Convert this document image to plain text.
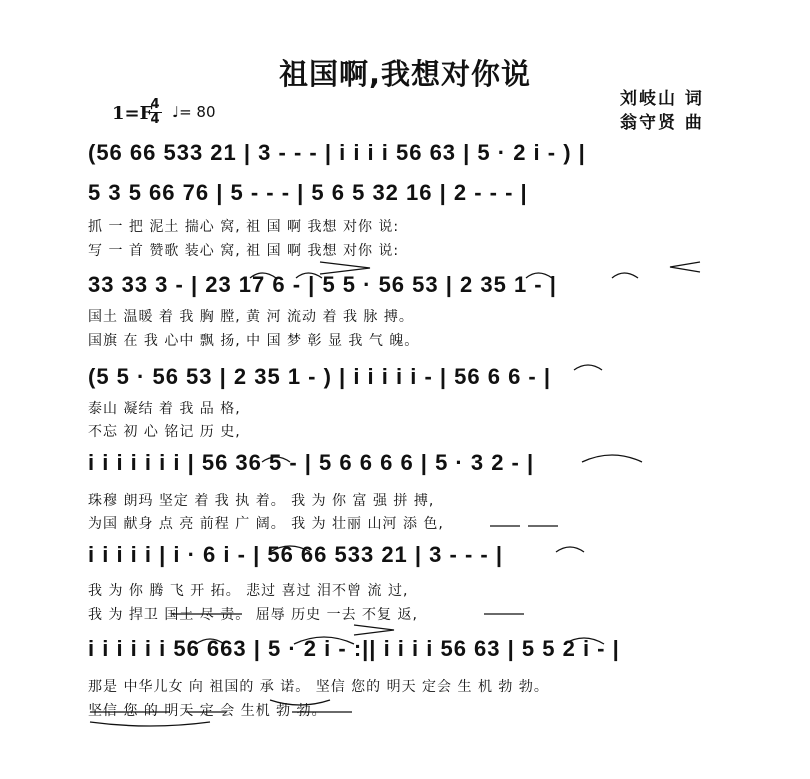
祖国啊,我想对你说
刘岐山 词
翁守贤 曲
1=F
4
4 ♩= 80
(56 66 533 21 | 3 - - - | i i i i 56 63 | 5 · 2 i - ) |
5 3 5 66 76 | 5 - - - | 5 6 5 32 16 | 2 - - - |
抓 一 把 泥土 揣心 窝, 祖 国 啊 我想 对你 说:
写 一 首 赞歌 装心 窝, 祖 国 啊 我想 对你 说:
33 33 3 - | 23 17 6 - | 5 5 · 56 53 | 2 35 1 - |
国土 温暖 着 我 胸 膛, 黄 河 流动 着 我 脉 搏。
国旗 在 我 心中 飘 扬, 中 国 梦 彰 显 我 气 魄。
(5 5 · 56 53 | 2 35 1 - ) | i i i i i - | 56 6 6 - |
泰山 凝结 着 我 品 格,
不忘 初 心 铭记 历 史,
i i i i i i i | 56 36 5 - | 5 6 6 6 6 | 5 · 3 2 - |
珠穆 朗玛 坚定 着 我 执 着。 我 为 你 富 强 拼 搏,
为国 献身 点 亮 前程 广 阔。 我 为 壮丽 山河 添 色,
i i i i i | i · 6 i - | 56 66 533 21 | 3 - - - |
我 为 你 腾 飞 开 拓。 悲过 喜过 泪不曾 流 过,
我 为 捍卫 国土 尽 责。 屈辱 历史 一去 不复 返,
i i i i i i 56 663 | 5 · 2 i - :|| i i i i 56 63 | 5 5 2 i - |
那是 中华儿女 向 祖国的 承 诺。 坚信 您的 明天 定会 生 机 勃 勃。
坚信 您 的 明天 定 会 生机 勃 勃。
